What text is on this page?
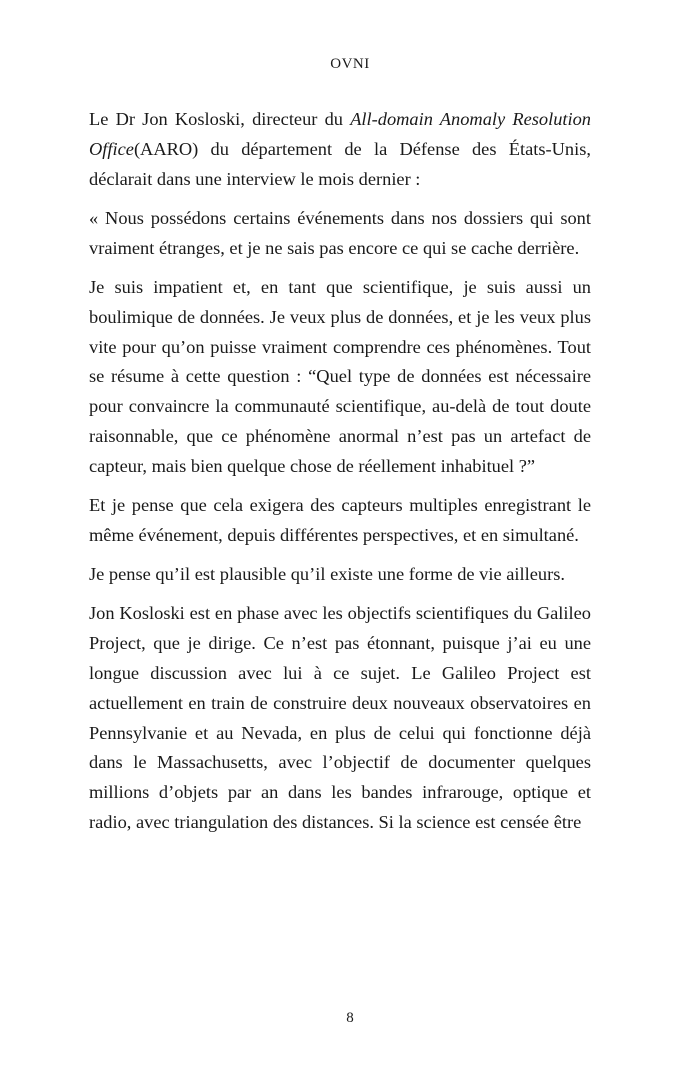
OVNI

Le Dr Jon Kosloski, directeur du All-domain Anomaly Resolution Office(AARO) du département de la Défense des États-Unis, déclarait dans une interview le mois dernier :

« Nous possédons certains événements dans nos dossiers qui sont vraiment étranges, et je ne sais pas encore ce qui se cache derrière.

Je suis impatient et, en tant que scientifique, je suis aussi un boulimique de données. Je veux plus de données, et je les veux plus vite pour qu’on puisse vraiment comprendre ces phénomènes. Tout se résume à cette question : “Quel type de données est nécessaire pour convaincre la communauté scientifique, au-delà de tout doute raisonnable, que ce phénomène anormal n’est pas un artefact de capteur, mais bien quelque chose de réellement inhabituel ?”

Et je pense que cela exigera des capteurs multiples enregistrant le même événement, depuis différentes perspectives, et en simultané.

Je pense qu’il est plausible qu’il existe une forme de vie ailleurs.

Jon Kosloski est en phase avec les objectifs scientifiques du Galileo Project, que je dirige. Ce n’est pas étonnant, puisque j’ai eu une longue discussion avec lui à ce sujet. Le Galileo Project est actuellement en train de construire deux nouveaux observatoires en Pennsylvanie et au Nevada, en plus de celui qui fonctionne déjà dans le Massachusetts, avec l’objectif de documenter quelques millions d’objets par an dans les bandes infrarouge, optique et radio, avec triangulation des distances. Si la science est censée être

8
